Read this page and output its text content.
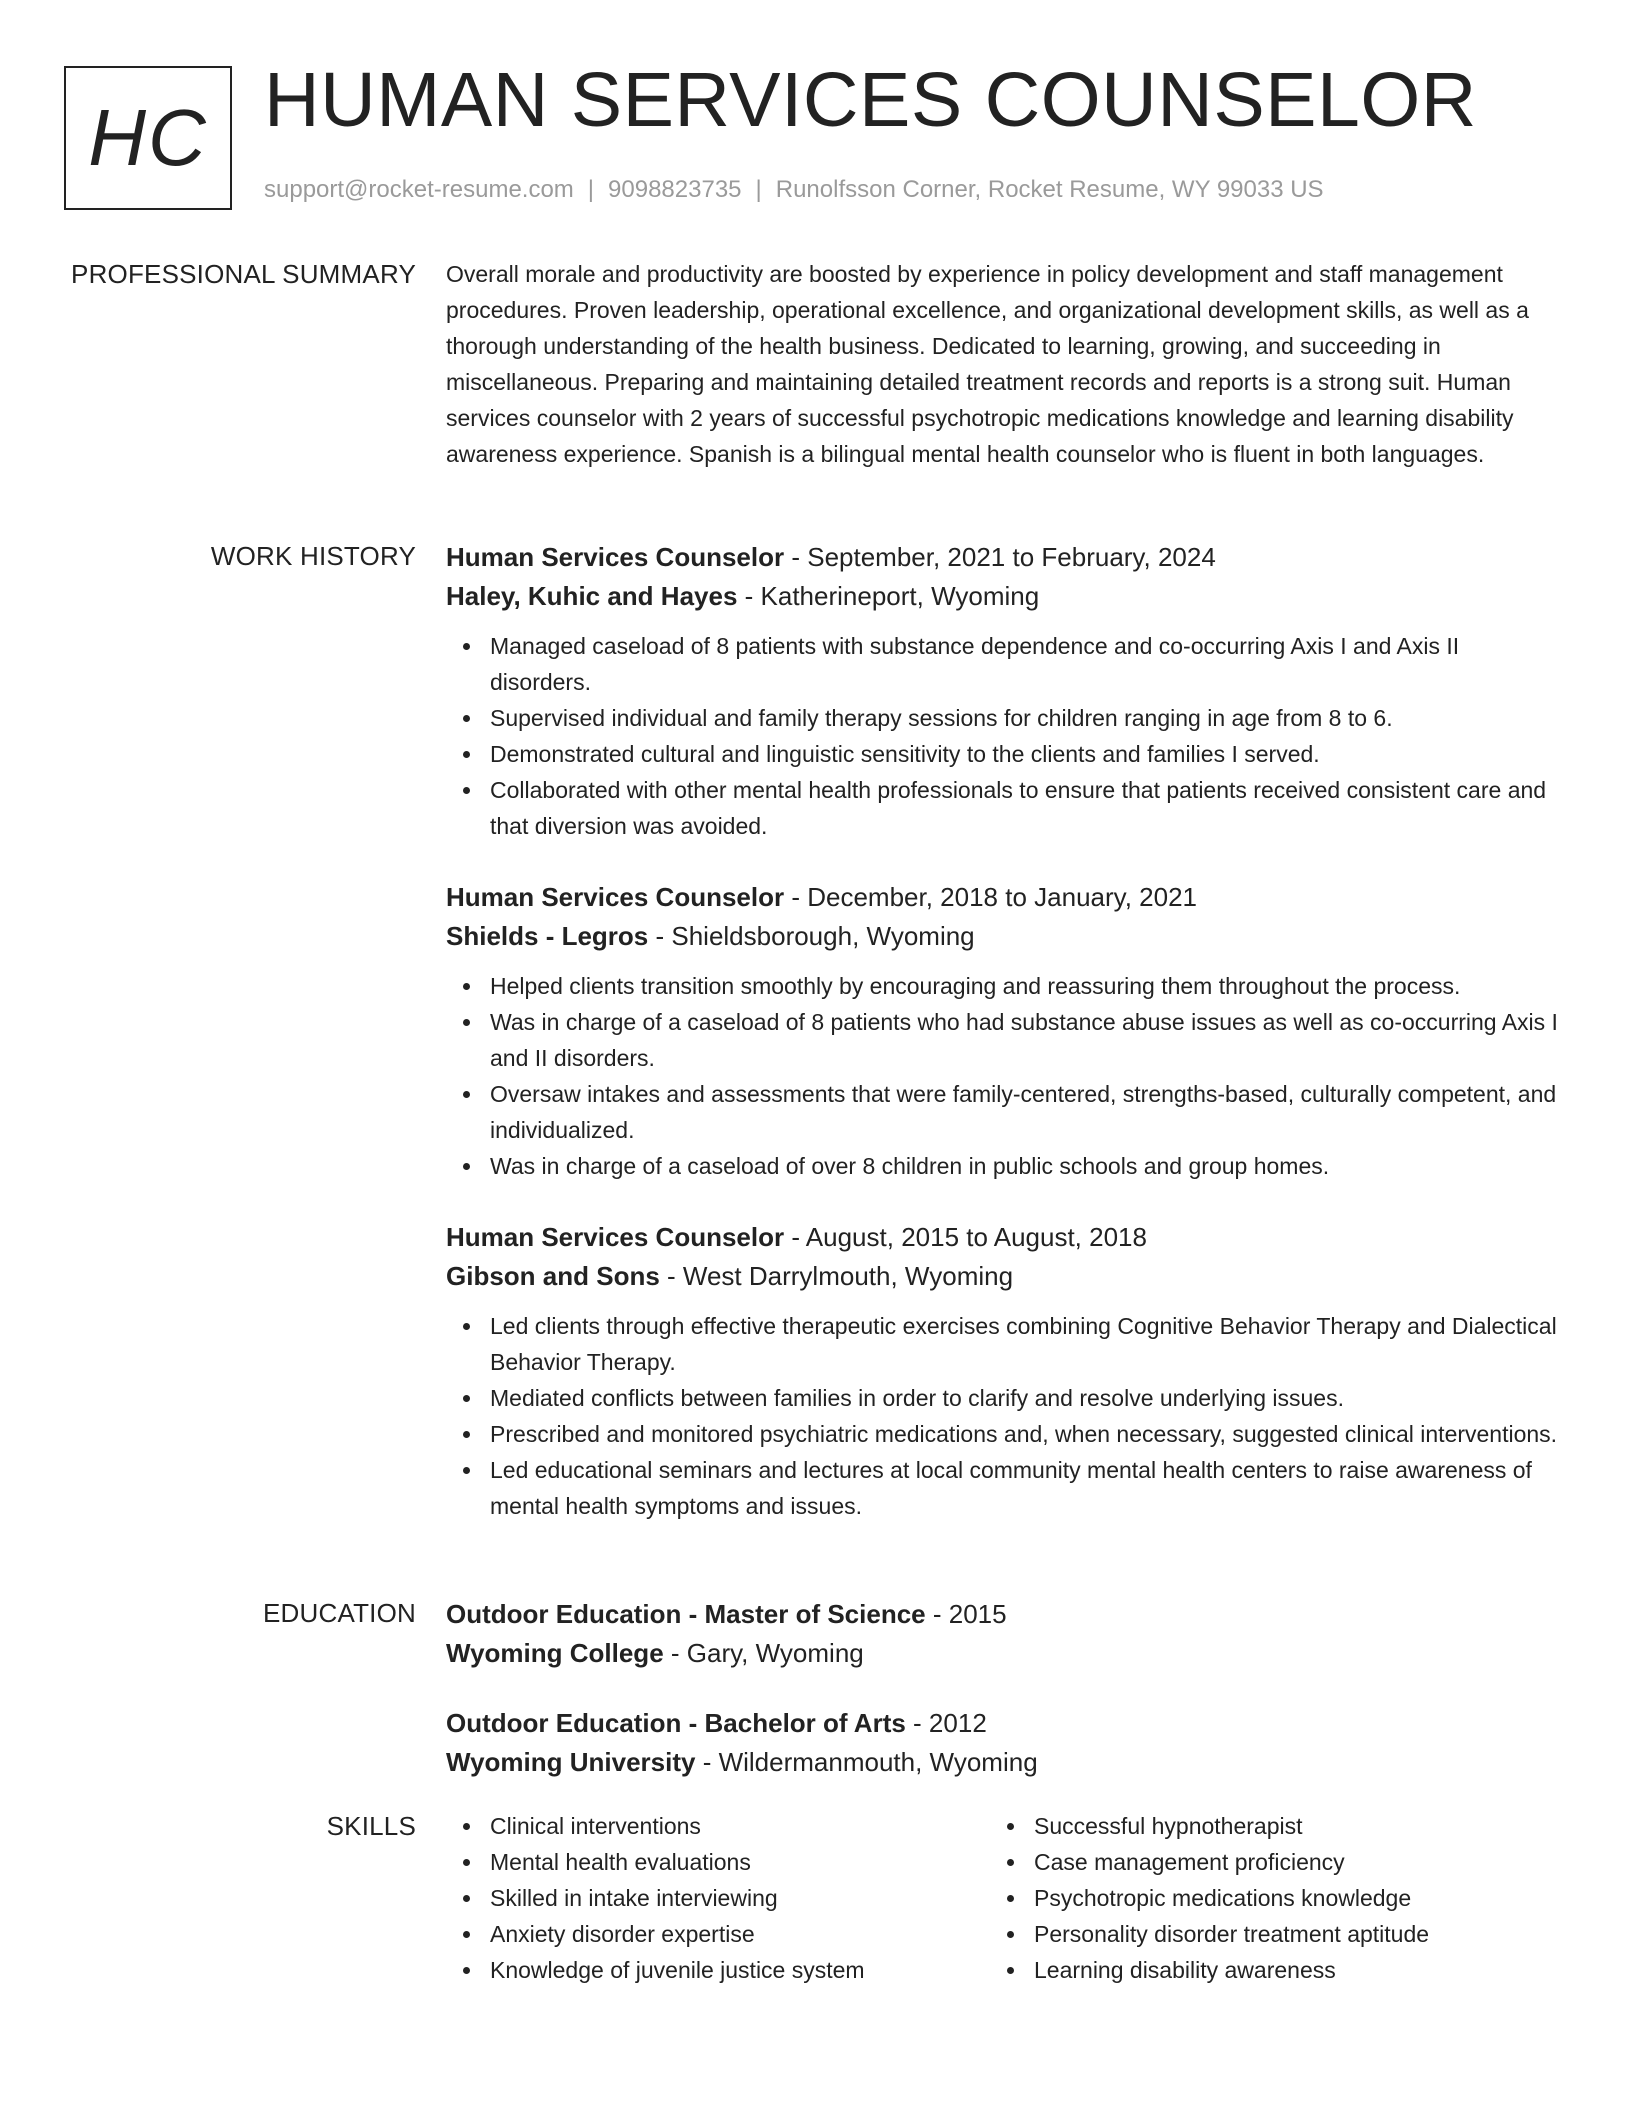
HC HUMAN SERVICES COUNSELOR
support@rocket-resume.com | 9098823735 | Runolfsson Corner, Rocket Resume, WY 99033 US
PROFESSIONAL SUMMARY Overall morale and productivity are boosted by experience in policy development and staff management procedures. Proven leadership, operational excellence, and organizational development skills, as well as a thorough understanding of the health business. Dedicated to learning, growing, and succeeding in miscellaneous. Preparing and maintaining detailed treatment records and reports is a strong suit. Human services counselor with 2 years of successful psychotropic medications knowledge and learning disability awareness experience. Spanish is a bilingual mental health counselor who is fluent in both languages.

WORK HISTORY Human Services Counselor - September, 2021 to February, 2024
Haley, Kuhic and Hayes - Katherineport, Wyoming
Managed caseload of 8 patients with substance dependence and co-occurring Axis I and Axis II disorders.
Supervised individual and family therapy sessions for children ranging in age from 8 to 6.
Demonstrated cultural and linguistic sensitivity to the clients and families I served.
Collaborated with other mental health professionals to ensure that patients received consistent care and that diversion was avoided.
Human Services Counselor - December, 2018 to January, 2021
Shields - Legros - Shieldsborough, Wyoming
Helped clients transition smoothly by encouraging and reassuring them throughout the process.
Was in charge of a caseload of 8 patients who had substance abuse issues as well as co-occurring Axis I and II disorders.
Oversaw intakes and assessments that were family-centered, strengths-based, culturally competent, and individualized.
Was in charge of a caseload of over 8 children in public schools and group homes.
Human Services Counselor - August, 2015 to August, 2018
Gibson and Sons - West Darrylmouth, Wyoming
Led clients through effective therapeutic exercises combining Cognitive Behavior Therapy and Dialectical Behavior Therapy.
Mediated conflicts between families in order to clarify and resolve underlying issues.
Prescribed and monitored psychiatric medications and, when necessary, suggested clinical interventions.
Led educational seminars and lectures at local community mental health centers to raise awareness of mental health symptoms and issues.
EDUCATION Outdoor Education - Master of Science - 2015
Wyoming College - Gary, Wyoming
Outdoor Education - Bachelor of Arts - 2012
Wyoming University - Wildermanmouth, Wyoming
SKILLS	Clinical interventions
Mental health evaluations
Skilled in intake interviewing
Anxiety disorder expertise
Knowledge of juvenile justice system
Successful hypnotherapist
Case management proficiency
Psychotropic medications knowledge
Personality disorder treatment aptitude
Learning disability awareness
